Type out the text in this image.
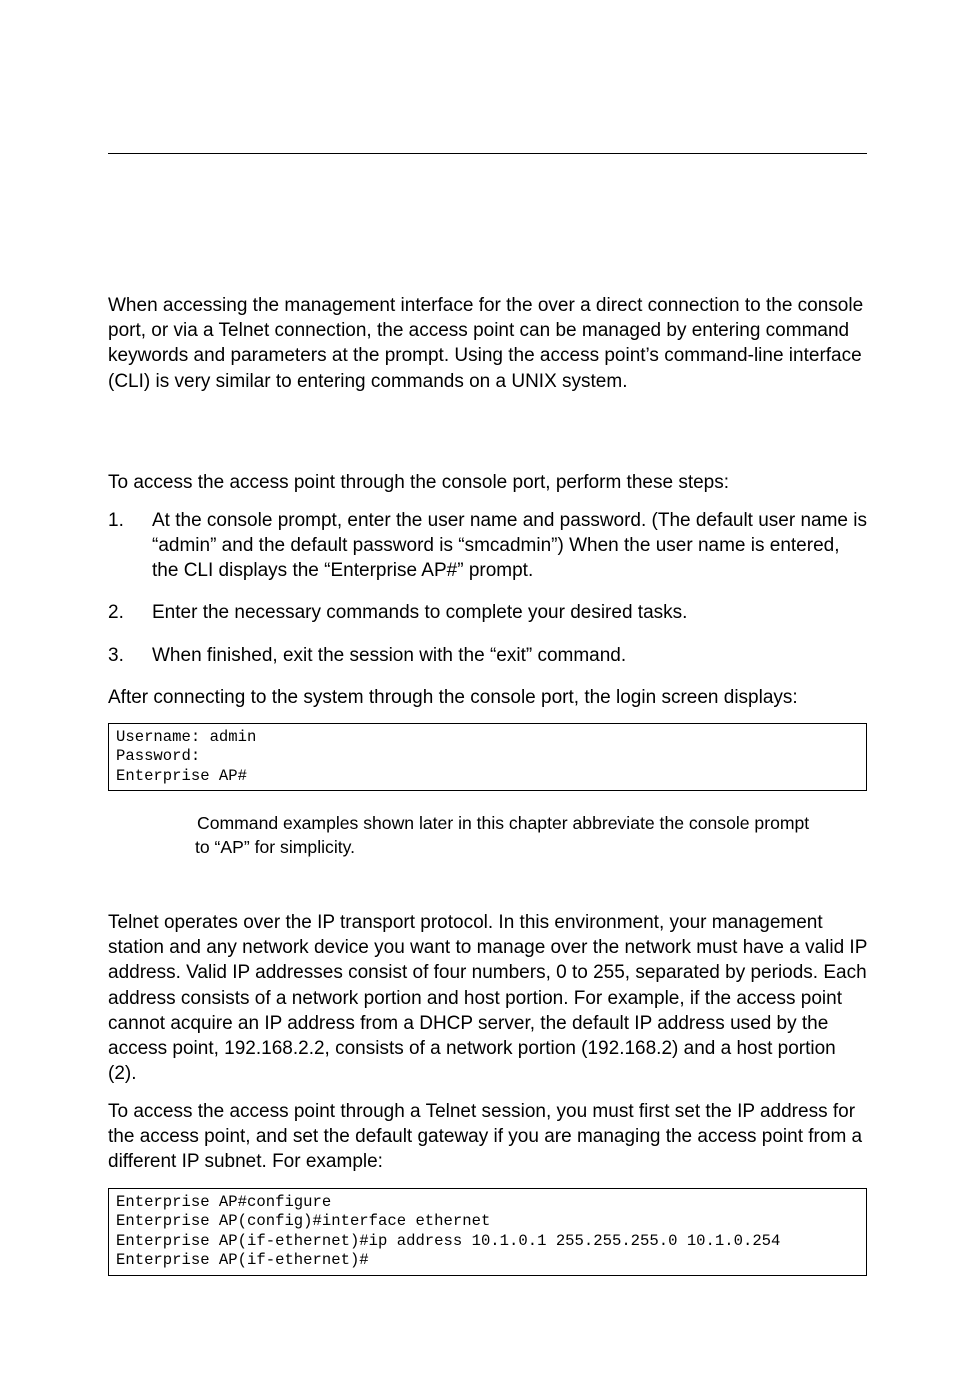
When accessing the management interface for the over a direct connection to the console port, or via a Telnet connection, the access point can be managed by entering command keywords and parameters at the prompt. Using the access point’s command-line interface (CLI) is very similar to entering commands on a UNIX system.

To access the access point through the console port, perform these steps:

1. At the console prompt, enter the user name and password. (The default user name is “admin” and the default password is “smcadmin”) When the user name is entered, the CLI displays the “Enterprise AP#” prompt.
2. Enter the necessary commands to complete your desired tasks.
3. When finished, exit the session with the “exit” command.

After connecting to the system through the console port, the login screen displays:

Username: admin
Password:
Enterprise AP#
Command examples shown later in this chapter abbreviate the console prompt
to “AP” for simplicity.

Telnet operates over the IP transport protocol. In this environment, your management station and any network device you want to manage over the network must have a valid IP address. Valid IP addresses consist of four numbers, 0 to 255, separated by periods. Each address consists of a network portion and host portion. For example, if the access point cannot acquire an IP address from a DHCP server, the default IP address used by the access point, 192.168.2.2, consists of a network portion (192.168.2) and a host portion (2).

To access the access point through a Telnet session, you must first set the IP address for the access point, and set the default gateway if you are managing the access point from a different IP subnet. For example:

Enterprise AP#configure
Enterprise AP(config)#interface ethernet
Enterprise AP(if-ethernet)#ip address 10.1.0.1 255.255.255.0 10.1.0.254
Enterprise AP(if-ethernet)#
